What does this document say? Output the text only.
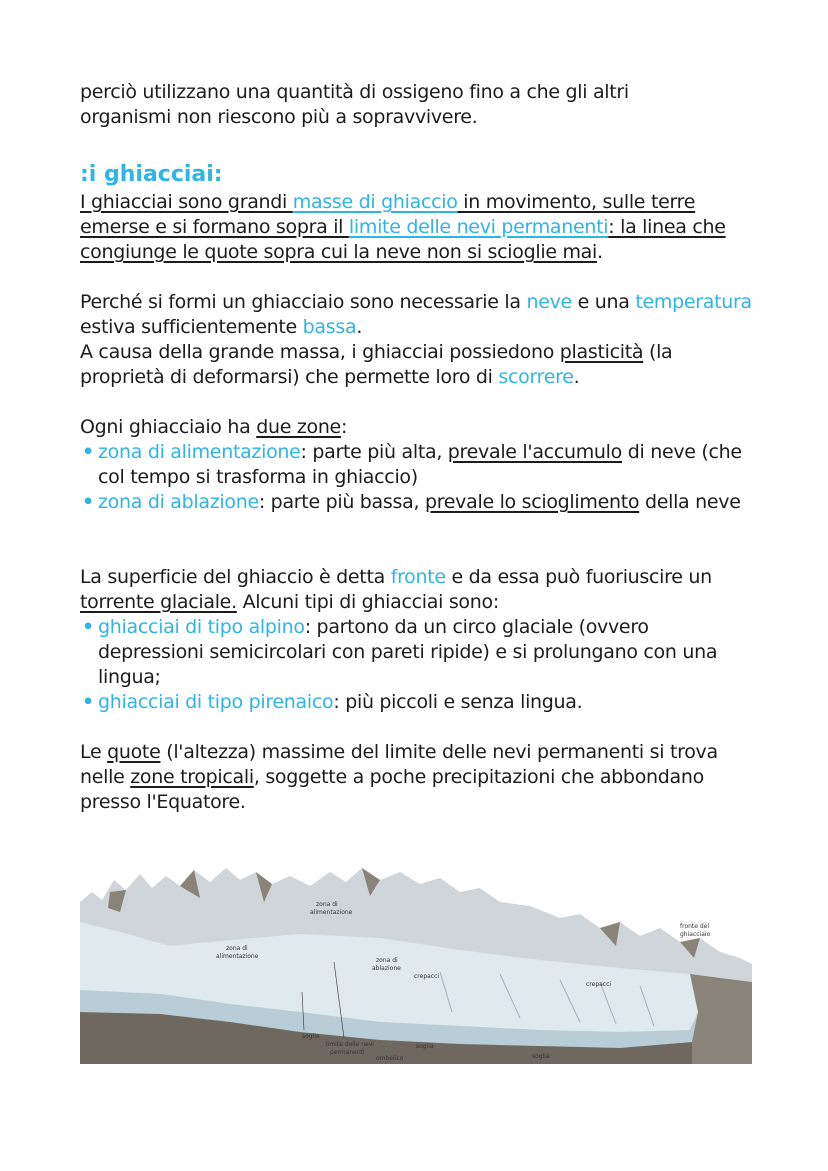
perciò utilizzano una quantità di ossigeno fino a che gli altri
organismi non riescono più a sopravvivere.
:i ghiacciai:
I ghiacciai sono grandi masse di ghiaccio in movimento, sulle terre emerse e si formano sopra il limite delle nevi permanenti: la linea che congiunge le quote sopra cui la neve non si scioglie mai.
Perché si formi un ghiacciaio sono necessarie la neve e una temperatura estiva sufficientemente bassa.
A causa della grande massa, i ghiacciai possiedono plasticità (la proprietà di deformarsi) che permette loro di scorrere.
Ogni ghiacciaio ha due zone:
• zona di alimentazione: parte più alta, prevale l'accumulo di neve (che col tempo si trasforma in ghiaccio)
• zona di ablazione: parte più bassa, prevale lo scioglimento della neve
La superficie del ghiaccio è detta fronte e da essa può fuoriuscire un torrente glaciale. Alcuni tipi di ghiacciai sono:
• ghiacciai di tipo alpino: partono da un circo glaciale (ovvero depressioni semicircolari con pareti ripide) e si prolungano con una lingua;
• ghiacciai di tipo pirenaico: più piccoli e senza lingua.
Le quote (l'altezza) massime del limite delle nevi permanenti si trova nelle zone tropicali, soggette a poche precipitazioni che abbondano presso l'Equatore.
zona di
alimentazione
zona di
alimentazione
zona di
ablazione
crepacci
crepacci
fronte del
ghiacciaio
soglia
limite delle nevi
permanenti
ombelico
soglia
soglia
